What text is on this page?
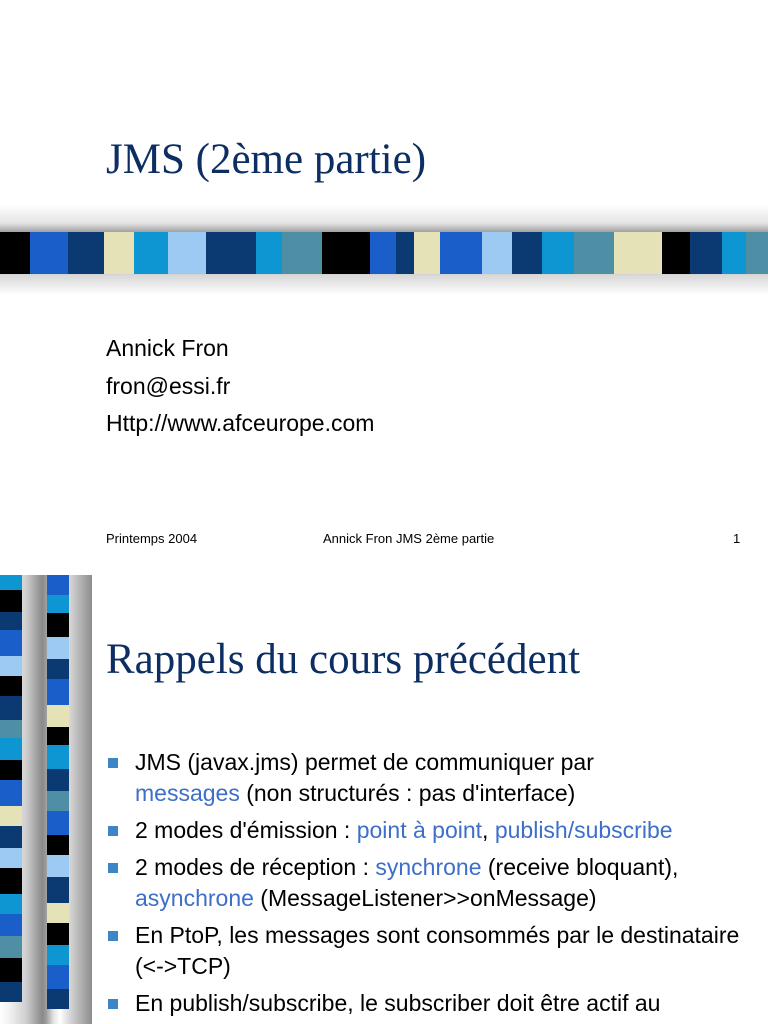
JMS (2ème partie)
Annick Fron
fron@essi.fr
Http://www.afceurope.com
Printemps 2004	Annick Fron JMS 2ème partie	1
Rappels du cours précédent
JMS (javax.jms) permet de communiquer par
messages (non structurés : pas d'interface)
2 modes d'émission : point à point, publish/subscribe
2 modes de réception : synchrone (receive bloquant),
asynchrone (MessageListener>>onMessage)
En PtoP, les messages sont consommés par le destinataire (<->TCP)
En publish/subscribe, le subscriber doit être actif au
